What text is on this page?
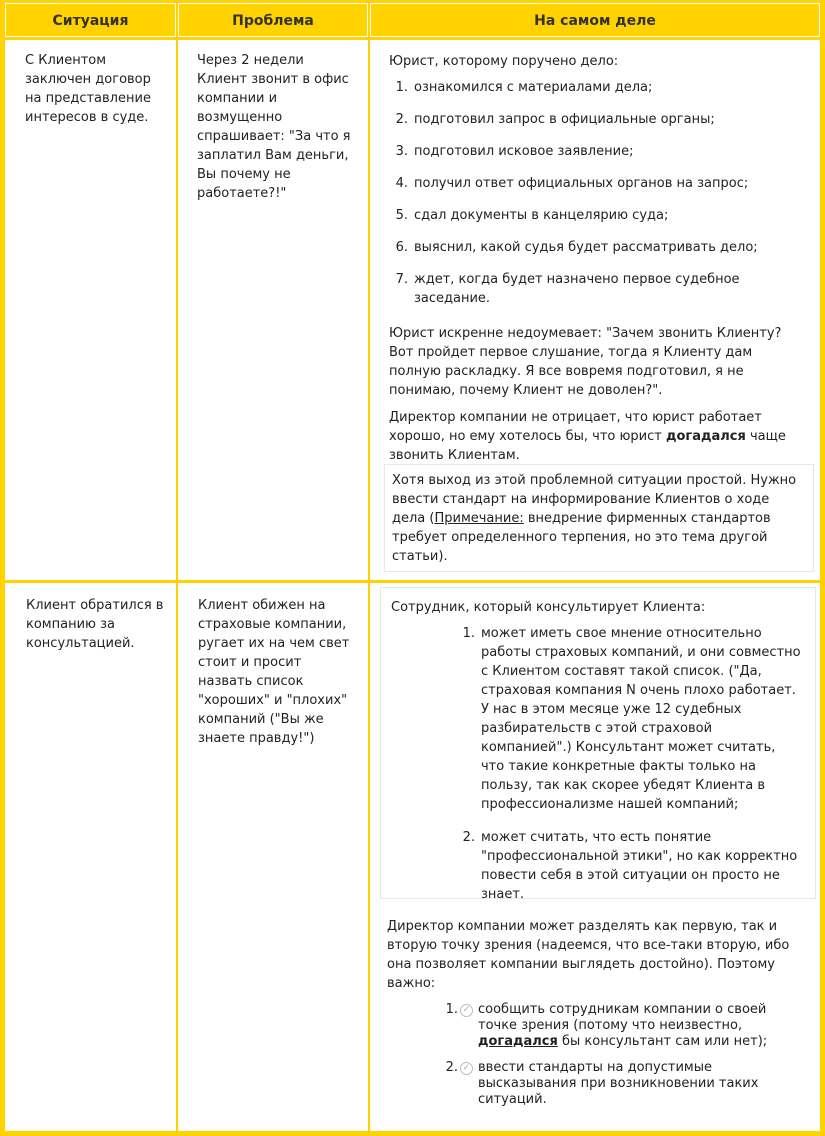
Ситуация	Проблема	На самом деле

С Клиентом заключен договор на представление интересов в суде.

Через 2 недели Клиент звонит в офис компании и возмущенно спрашивает: "За что я заплатил Вам деньги, Вы почему не работаете?!"

Юрист, которому поручено дело:

1. ознакомился с материалами дела;
2. подготовил запрос в официальные органы;
3. подготовил исковое заявление;
4. получил ответ официальных органов на запрос;
5. сдал документы в канцелярию суда;
6. выяснил, какой судья будет рассматривать дело;
7. ждет, когда будет назначено первое судебное заседание.

Юрист искренне недоумевает: "Зачем звонить Клиенту? Вот пройдет первое слушание, тогда я Клиенту дам полную раскладку. Я все вовремя подготовил, я не понимаю, почему Клиент не доволен?".

Директор компании не отрицает, что юрист работает хорошо, но ему хотелось бы, что юрист догадался чаще звонить Клиентам.

Хотя выход из этой проблемной ситуации простой. Нужно ввести стандарт на информирование Клиентов о ходе дела (Примечание: внедрение фирменных стандартов требует определенного терпения, но это тема другой статьи).

Клиент обратился в компанию за консультацией.

Клиент обижен на страховые компании, ругает их на чем свет стоит и просит назвать список "хороших" и "плохих" компаний ("Вы же знаете правду!")

Сотрудник, который консультирует Клиента:

1. может иметь свое мнение относительно работы страховых компаний, и они совместно с Клиентом составят такой список. ("Да, страховая компания N очень плохо работает. У нас в этом месяце уже 12 судебных разбирательств с этой страховой компанией".) Консультант может считать, что такие конкретные факты только на пользу, так как скорее убедят Клиента в профессионализме нашей компаний;
2. может считать, что есть понятие "профессиональной этики", но как корректно повести себя в этой ситуации он просто не знает.

Директор компании может разделять как первую, так и вторую точку зрения (надеемся, что все-таки вторую, ибо она позволяет компании выглядеть достойно). Поэтому важно:

1. ✓ сообщить сотрудникам компании о своей точке зрения (потому что неизвестно, догадался бы консультант сам или нет);
2. ✓ ввести стандарты на допустимые высказывания при возникновении таких ситуаций.
